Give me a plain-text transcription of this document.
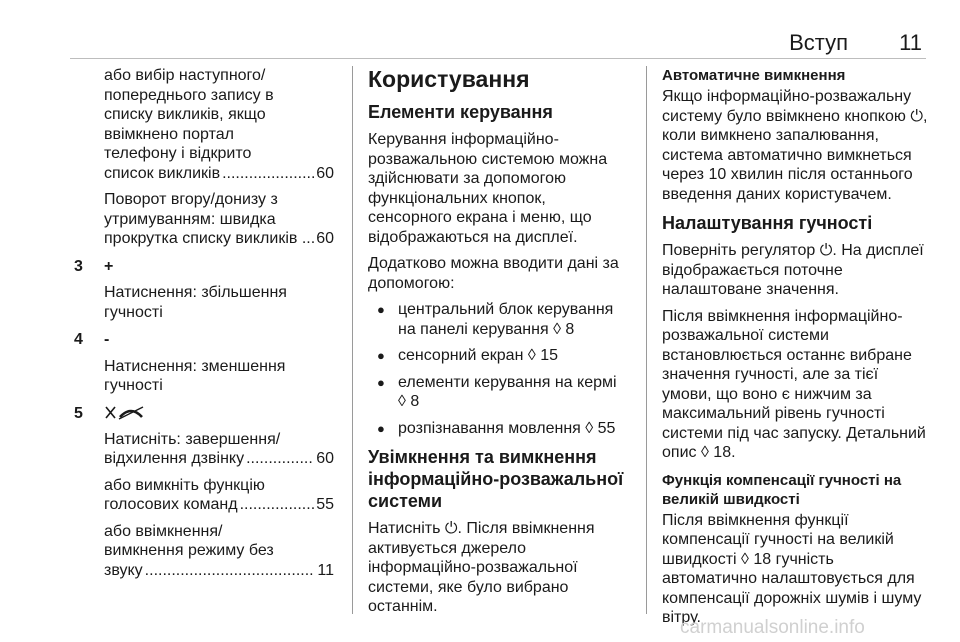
Вступ 11
або вибір наступного/
попереднього запису в
списку викликів, якщо
ввімкнено портал
телефону і відкрито
список викликів .....	60
Поворот вгору/донизу з
утримуванням: швидка
прокрутка списку викликів ... 60
3 +
Натиснення: збільшення
гучності
4 -
Натиснення: зменшення
гучності
5
Натисніть: завершення/
відхилення дзвінку .....	60
або вимкніть функцію
голосових команд .....	55
або ввімкнення/
вимкнення режиму без
звуку .....	11
Користування
Елементи керування

Керування інформаційно-розважальною системою можна здійснювати за допомогою функціональних кнопок, сенсорного екрана і меню, що відображаються на дисплеї.

Додатково можна вводити дані за допомогою:

● центральний блок керування на панелі керування ◊ 8
● сенсорний екран ◊ 15
● елементи керування на кермі ◊ 8
● розпізнавання мовлення ◊ 55
Увімкнення та вимкнення інформаційно-розважальної системи

Натисніть ⏻. Після ввімкнення активується джерело інформаційно-розважальної системи, яке було вибрано останнім.

Автоматичне вимкнення

Якщо інформаційно-розважальну систему було ввімкнено кнопкою ⏻, коли вимкнено запалювання, система автоматично вимкнеться через 10 хвилин після останнього введення даних користувачем.

Налаштування гучності

Поверніть регулятор ⏻. На дисплеї відображається поточне налаштоване значення.

Після ввімкнення інформаційно-розважальної системи встановлюється останнє вибране значення гучності, але за тієї умови, що воно є нижчим за максимальний рівень гучності системи під час запуску. Детальний опис ◊ 18.

Функція компенсації гучності на великій швидкості

Після ввімкнення функції компенсації гучності на великій швидкості ◊ 18 гучність автоматично налаштовується для компенсації дорожніх шумів і шуму вітру.

carmanualsonline.info
